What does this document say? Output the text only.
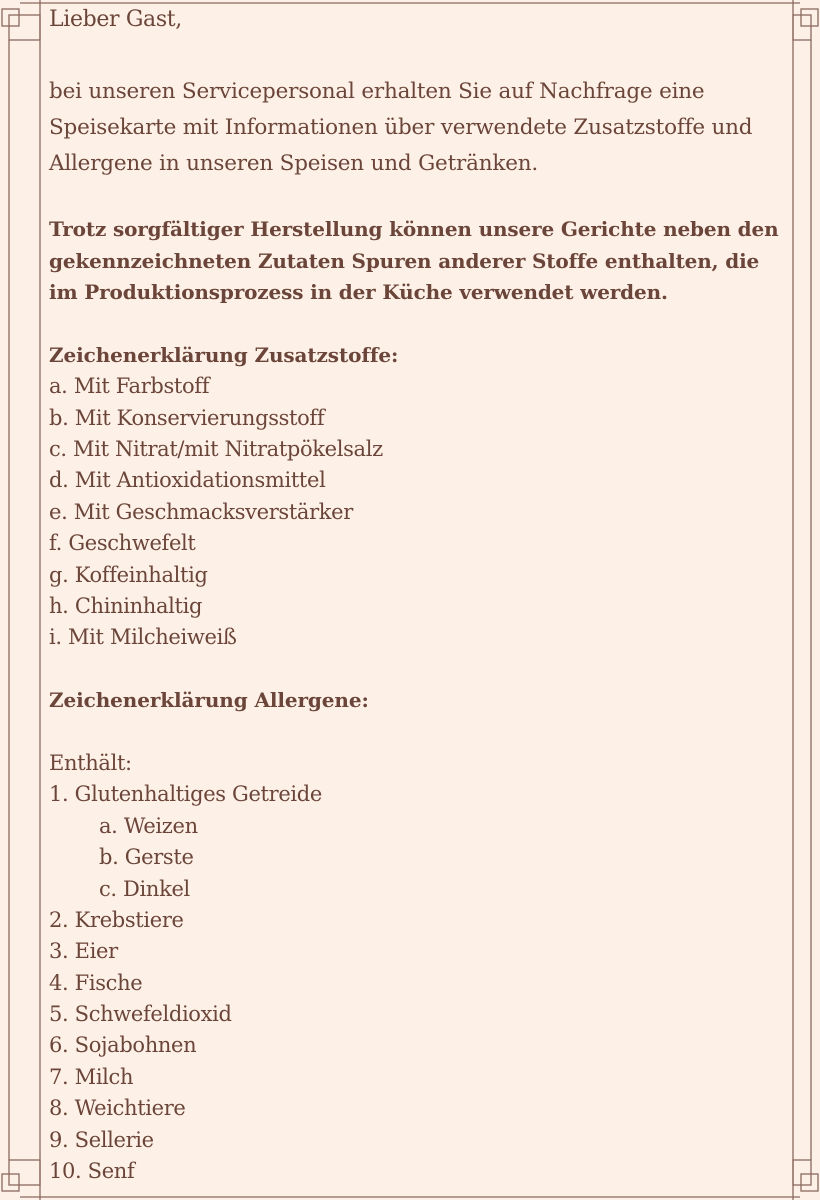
Lieber Gast,
bei unseren Servicepersonal erhalten Sie auf Nachfrage eine Speisekarte mit Informationen über verwendete Zusatzstoffe und Allergene in unseren Speisen und Getränken.
Trotz sorgfältiger Herstellung können unsere Gerichte neben den gekennzeichneten Zutaten Spuren anderer Stoffe enthalten, die im Produktionsprozess in der Küche verwendet werden.
Zeichenerklärung Zusatzstoffe:
a. Mit Farbstoff
b. Mit Konservierungsstoff
c. Mit Nitrat/mit Nitratpökelsalz
d. Mit Antioxidationsmittel
e. Mit Geschmacksverstärker
f. Geschwefelt
g. Koffeinhaltig
h. Chininhaltig
i. Mit Milcheiweiß
Zeichenerklärung Allergene:
Enthält:
1. Glutenhaltiges Getreide
a. Weizen
b. Gerste
c. Dinkel
2. Krebstiere
3. Eier
4. Fische
5. Schwefeldioxid
6. Sojabohnen
7. Milch
8. Weichtiere
9. Sellerie
10. Senf
